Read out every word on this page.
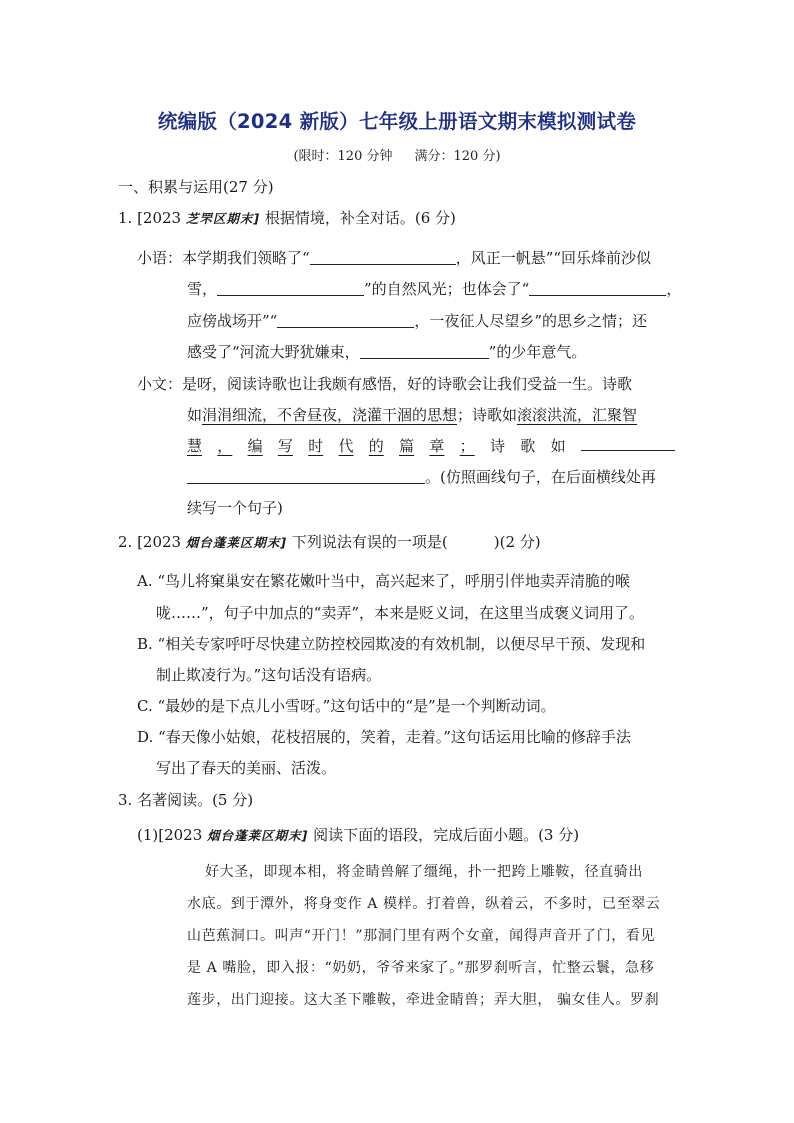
统编版（2024 新版）七年级上册语文期末模拟测试卷
(限时：120 分钟 满分：120 分)
一、积累与运用(27 分)
1. [2023 芝罘区期末] 根据情境，补全对话。(6 分)
小语：本学期我们领略了“	，风正一帆悬”“回乐烽前沙似
雪，	”的自然风光；也体会了“	，
应傍战场开”“	，一夜征人尽望乡”的思乡之情；还
感受了“河流大野犹嫌束，	”的少年意气。
小文：是呀，阅读诗歌也让我颇有感悟，好的诗歌会让我们受益一生。诗歌
如涓涓细流，不舍昼夜，浇灌干涸的思想；诗歌如滚滚洪流，汇聚智
慧 ， 编 写 时 代 的 篇 章 ； 诗 歌 如
。(仿照画线句子，在后面横线处再
续写一个句子)
2. [2023 烟台蓬莱区期末] 下列说法有误的一项是(	)(2 分)
A. “鸟儿将窠巢安在繁花嫩叶当中，高兴起来了，呼朋引伴地卖弄清脆的喉
咙……”，句子中加点的“卖弄”，本来是贬义词，在这里当成褒义词用了。
B. “相关专家呼吁尽快建立防控校园欺凌的有效机制，以便尽早干预、发现和
制止欺凌行为。”这句话没有语病。
C. “最妙的是下点儿小雪呀。”这句话中的“是”是一个判断动词。
D. “春天像小姑娘，花枝招展的，笑着，走着。”这句话运用比喻的修辞手法
写出了春天的美丽、活泼。
3. 名著阅读。(5 分)
(1)[2023 烟台蓬莱区期末] 阅读下面的语段，完成后面小题。(3 分)
好大圣，即现本相，将金睛兽解了缰绳，扑一把跨上雕鞍，径直骑出
水底。到于潭外，将身变作 A 模样。打着兽，纵着云，不多时，已至翠云
山芭蕉洞口。叫声“开门！”那洞门里有两个女童，闻得声音开了门，看见
是 A 嘴脸，即入报：“奶奶，爷爷来家了。”那罗刹听言，忙整云鬟，急移
莲步，出门迎接。这大圣下雕鞍，牵进金睛兽；弄大胆， 骗女佳人。罗刹
